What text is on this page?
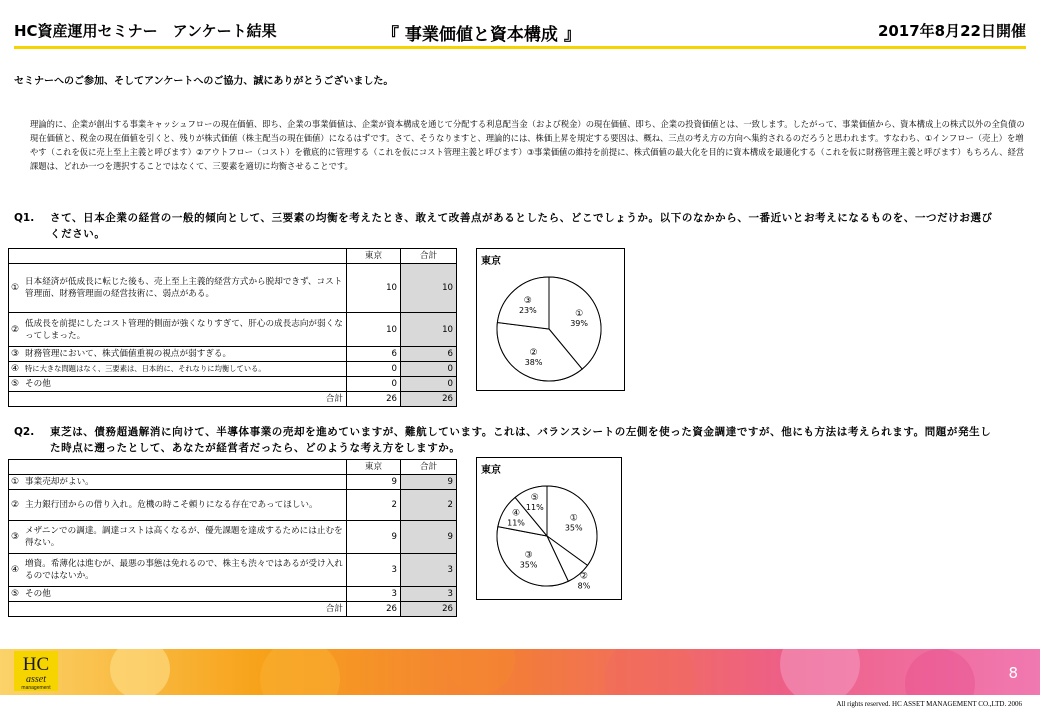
HC資産運用セミナー　アンケート結果	『 事業価値と資本構成 』	2017年8月22日開催
セミナーへのご参加、そしてアンケートへのご協力、誠にありがとうございました。
理論的に、企業が創出する事業キャッシュフローの現在価値、即ち、企業の事業価値は、企業が資本構成を通じて分配する利息配当金（および税金）の現在価値、即ち、企業の投資価値とは、一致します。したがって、事業価値から、資本構成上の株式以外の全負債の現在価値と、税金の現在価値を引くと、残りが株式価値（株主配当の現在価値）になるはずです。さて、そうなりますと、理論的には、株価上昇を規定する要因は、概ね、三点の考え方の方向へ集約されるのだろうと思われます。すなわち、①インフロー（売上）を増やす（これを仮に売上至上主義と呼びます）②アウトフロー（コスト）を徹底的に管理する（これを仮にコスト管理主義と呼びます）③事業価値の維持を前提に、株式価値の最大化を目的に資本構成を最適化する（これを仮に財務管理主義と呼びます）もちろん、経営課題は、どれか一つを選択することではなくて、三要素を適切に均衡させることです。
Q1. さて、日本企業の経営の一般的傾向として、三要素の均衡を考えたとき、敢えて改善点があるとしたら、どこでしょうか。以下のなかから、一番近いとお考えになるものを、一つだけお選びください。
	東京	合計

①
日本経済が低成長に転じた後も、売上至上主義的経営方式から脱却できず、コスト管理面、財務管理面の経営技術に、弱点がある。	10	10

②
低成長を前提にしたコスト管理的側面が強くなりすぎて、肝心の成長志向が弱くなってしまった。	10	10

③ 財務管理において、株式価値重視の視点が弱すぎる。	6	6

④ 特に大きな問題はなく、三要素は、日本的に、それなりに均衡している。	0	0

⑤ その他	0	0
合計	26	26
①
39%
②
38%
③
23%
東京
Q2. 東芝は、債務超過解消に向けて、半導体事業の売却を進めていますが、難航しています。これは、バランスシートの左側を使った資金調達ですが、他にも方法は考えられます。問題が発生した時点に遡ったとして、あなたが経営者だったら、どのような考え方をしますか。
	東京	合計

① 事業売却がよい。	9	9

② 主力銀行団からの借り入れ。危機の時こそ頼りになる存在であってほしい。	2	2

③
メザニンでの調達。調達コストは高くなるが、優先課題を達成するためには止むを得ない。	9	9

④
増資。希薄化は進むが、最悪の事態は免れるので、株主も渋々ではあるが受け入れるのではないか。	3	3

⑤ その他	3	3
合計	26	26
①
35%
②
8%
③
35%
④
11%
⑤
11%
東京
HC
asset
management
8
All rights reserved. HC ASSET MANAGEMENT CO.,LTD. 2006
